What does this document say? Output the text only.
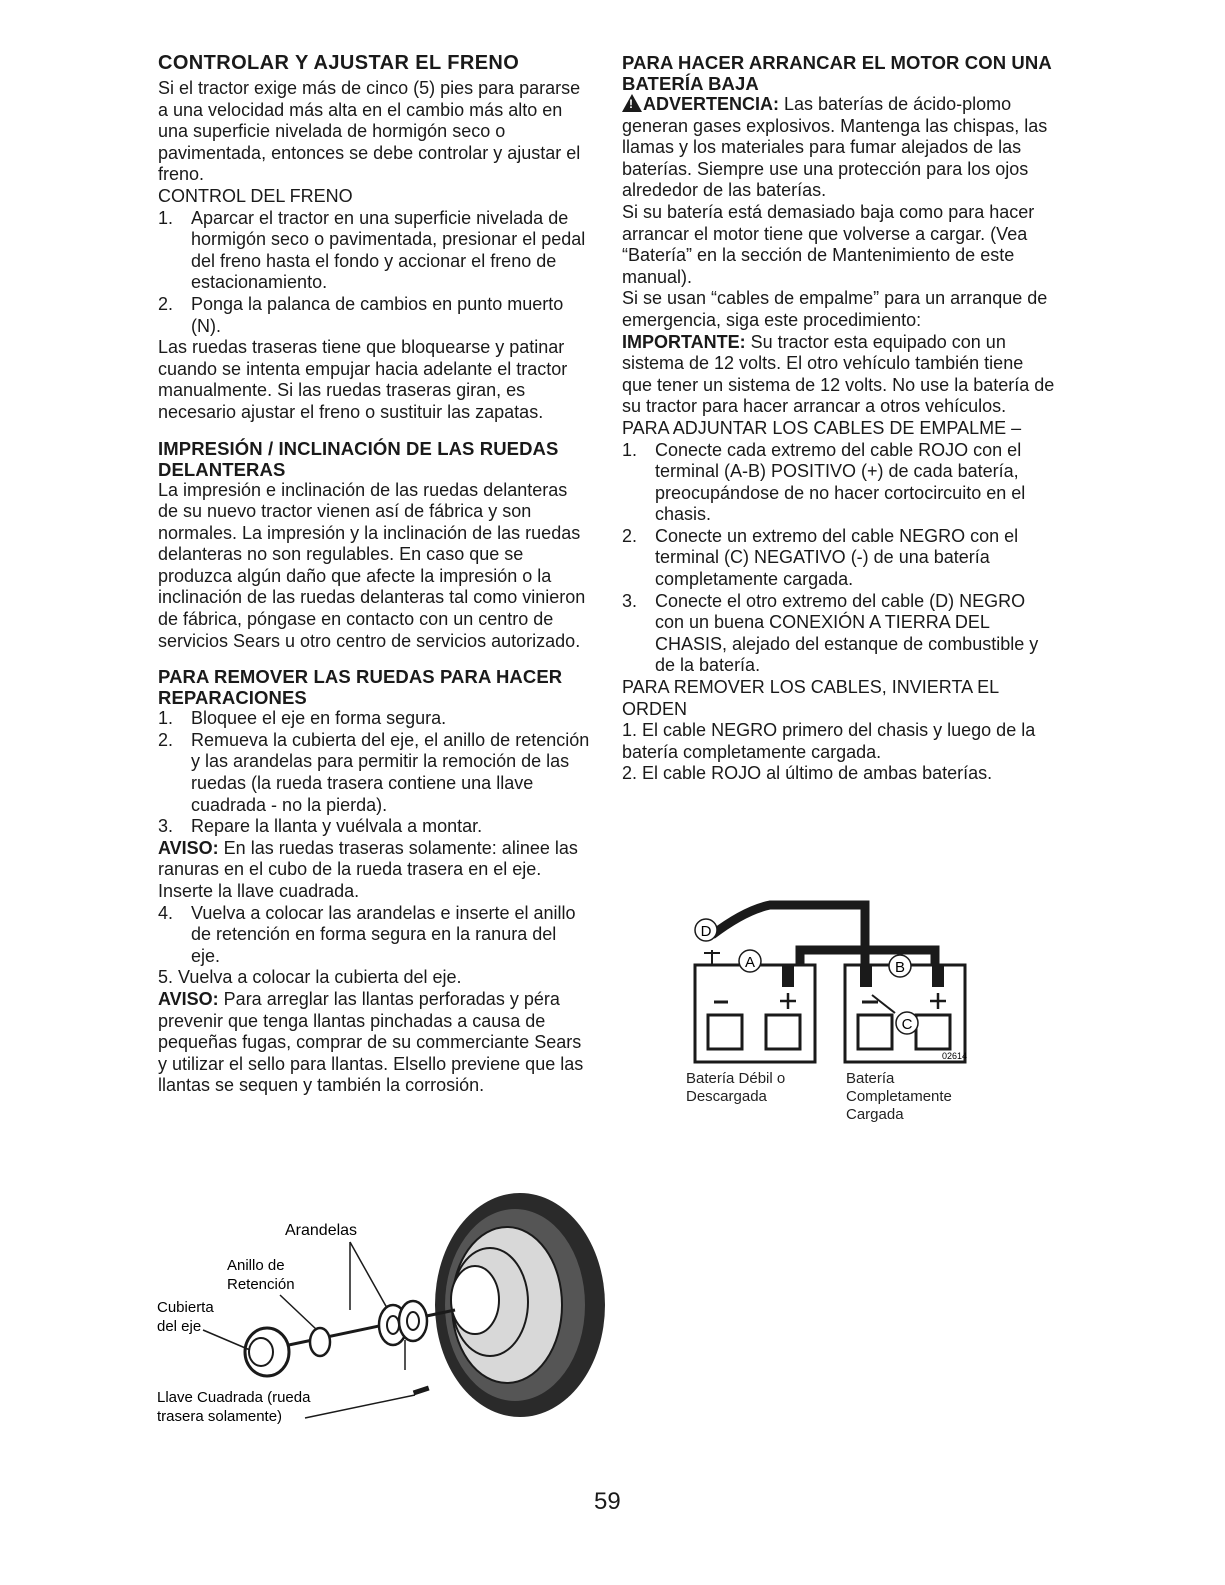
CONTROLAR Y AJUSTAR EL FRENO

Si el tractor exige más de cinco (5) pies para pararse a una velocidad más alta en el cambio más alto en una superficie nivelada de hormigón seco o pavimentada, entonces se debe controlar y ajustar el freno.

CONTROL DEL FRENO

1. Aparcar el tractor en una superficie nivelada de hormigón seco o pavimentada, presionar el pedal del freno hasta el fondo y accionar el freno de estacionamiento.
2. Ponga la palanca de cambios en punto muerto (N).

Las ruedas traseras tiene que bloquearse y patinar cuando se intenta empujar hacia adelante el tractor manualmente. Si las ruedas traseras giran, es necesario ajustar el freno o sustituir las zapatas.

IMPRESIÓN / INCLINACIÓN DE LAS RUEDAS DELANTERAS

La impresión e inclinación de las ruedas delanteras de su nuevo tractor vienen así de fábrica y son normales. La impresión y la inclinación de las ruedas delanteras no son regulables. En caso que se produzca algún daño que afecte la impresión o la inclinación de las ruedas delanteras tal como vinieron de fábrica, póngase en contacto con un centro de servicios Sears u otro centro de servicios autorizado.

PARA REMOVER LAS RUEDAS PARA HACER REPARACIONES
1. Bloquee el eje en forma segura.
2. Remueva la cubierta del eje, el anillo de retención y las arandelas para permitir la remoción de las ruedas (la rueda trasera contiene una llave cuadrada - no la pierda).
3. Repare la llanta y vuélvala a montar.

AVISO: En las ruedas traseras solamente: alinee las ranuras en el cubo de la rueda trasera en el eje. Inserte la llave cuadrada.

4. Vuelva a colocar las arandelas e inserte el anillo de retención en forma segura en la ranura del eje.

5. Vuelva a colocar la cubierta del eje.

AVISO: Para arreglar las llantas perforadas y péra prevenir que tenga llantas pinchadas a causa de pequeñas fugas, comprar de su commerciante Sears y utilizar el sello para llantas. Elsello previene que las llantas se sequen y también la corrosión.

PARA HACER ARRANCAR EL MOTOR CON UNA BATERÍA BAJA

!ADVERTENCIA: Las baterías de ácido-plomo generan gases explosivos. Mantenga las chispas, las llamas y los materiales para fumar alejados de las baterías. Siempre use una protección para los ojos alrededor de las baterías.

Si su batería está demasiado baja como para hacer arrancar el motor tiene que volverse a cargar. (Vea “Batería” en la sección de Mantenimiento de este manual).

Si se usan “cables de empalme” para un arranque de emergencia, siga este procedimiento:

IMPORTANTE: Su tractor esta equipado con un sistema de 12 volts. El otro vehículo también tiene que tener un sistema de 12 volts. No use la batería de su tractor para hacer arrancar a otros vehículos.

PARA ADJUNTAR LOS CABLES DE EMPALME –

1. Conecte cada extremo del cable ROJO con el terminal (A-B) POSITIVO (+) de cada batería, preocupándose de no hacer cortocircuito en el chasis.
2. Conecte un extremo del cable NEGRO con el terminal (C) NEGATIVO (-) de una batería completamente cargada.
3. Conecte el otro extremo del cable (D) NEGRO con un buena CONEXIÓN A TIERRA DEL CHASIS, alejado del estanque de combustible y de la batería.

PARA REMOVER LOS CABLES, INVIERTA EL ORDEN

1. El cable NEGRO primero del chasis y luego de la batería completamente cargada.
2. El cable ROJO al último de ambas baterías.
D
A	B
C
02614
Batería Débil o
Descargada
Batería
Completamente
Cargada
Arandelas
Anillo de
Retención
Cubierta
del eje
Llave Cuadrada (rueda
trasera solamente)
59
